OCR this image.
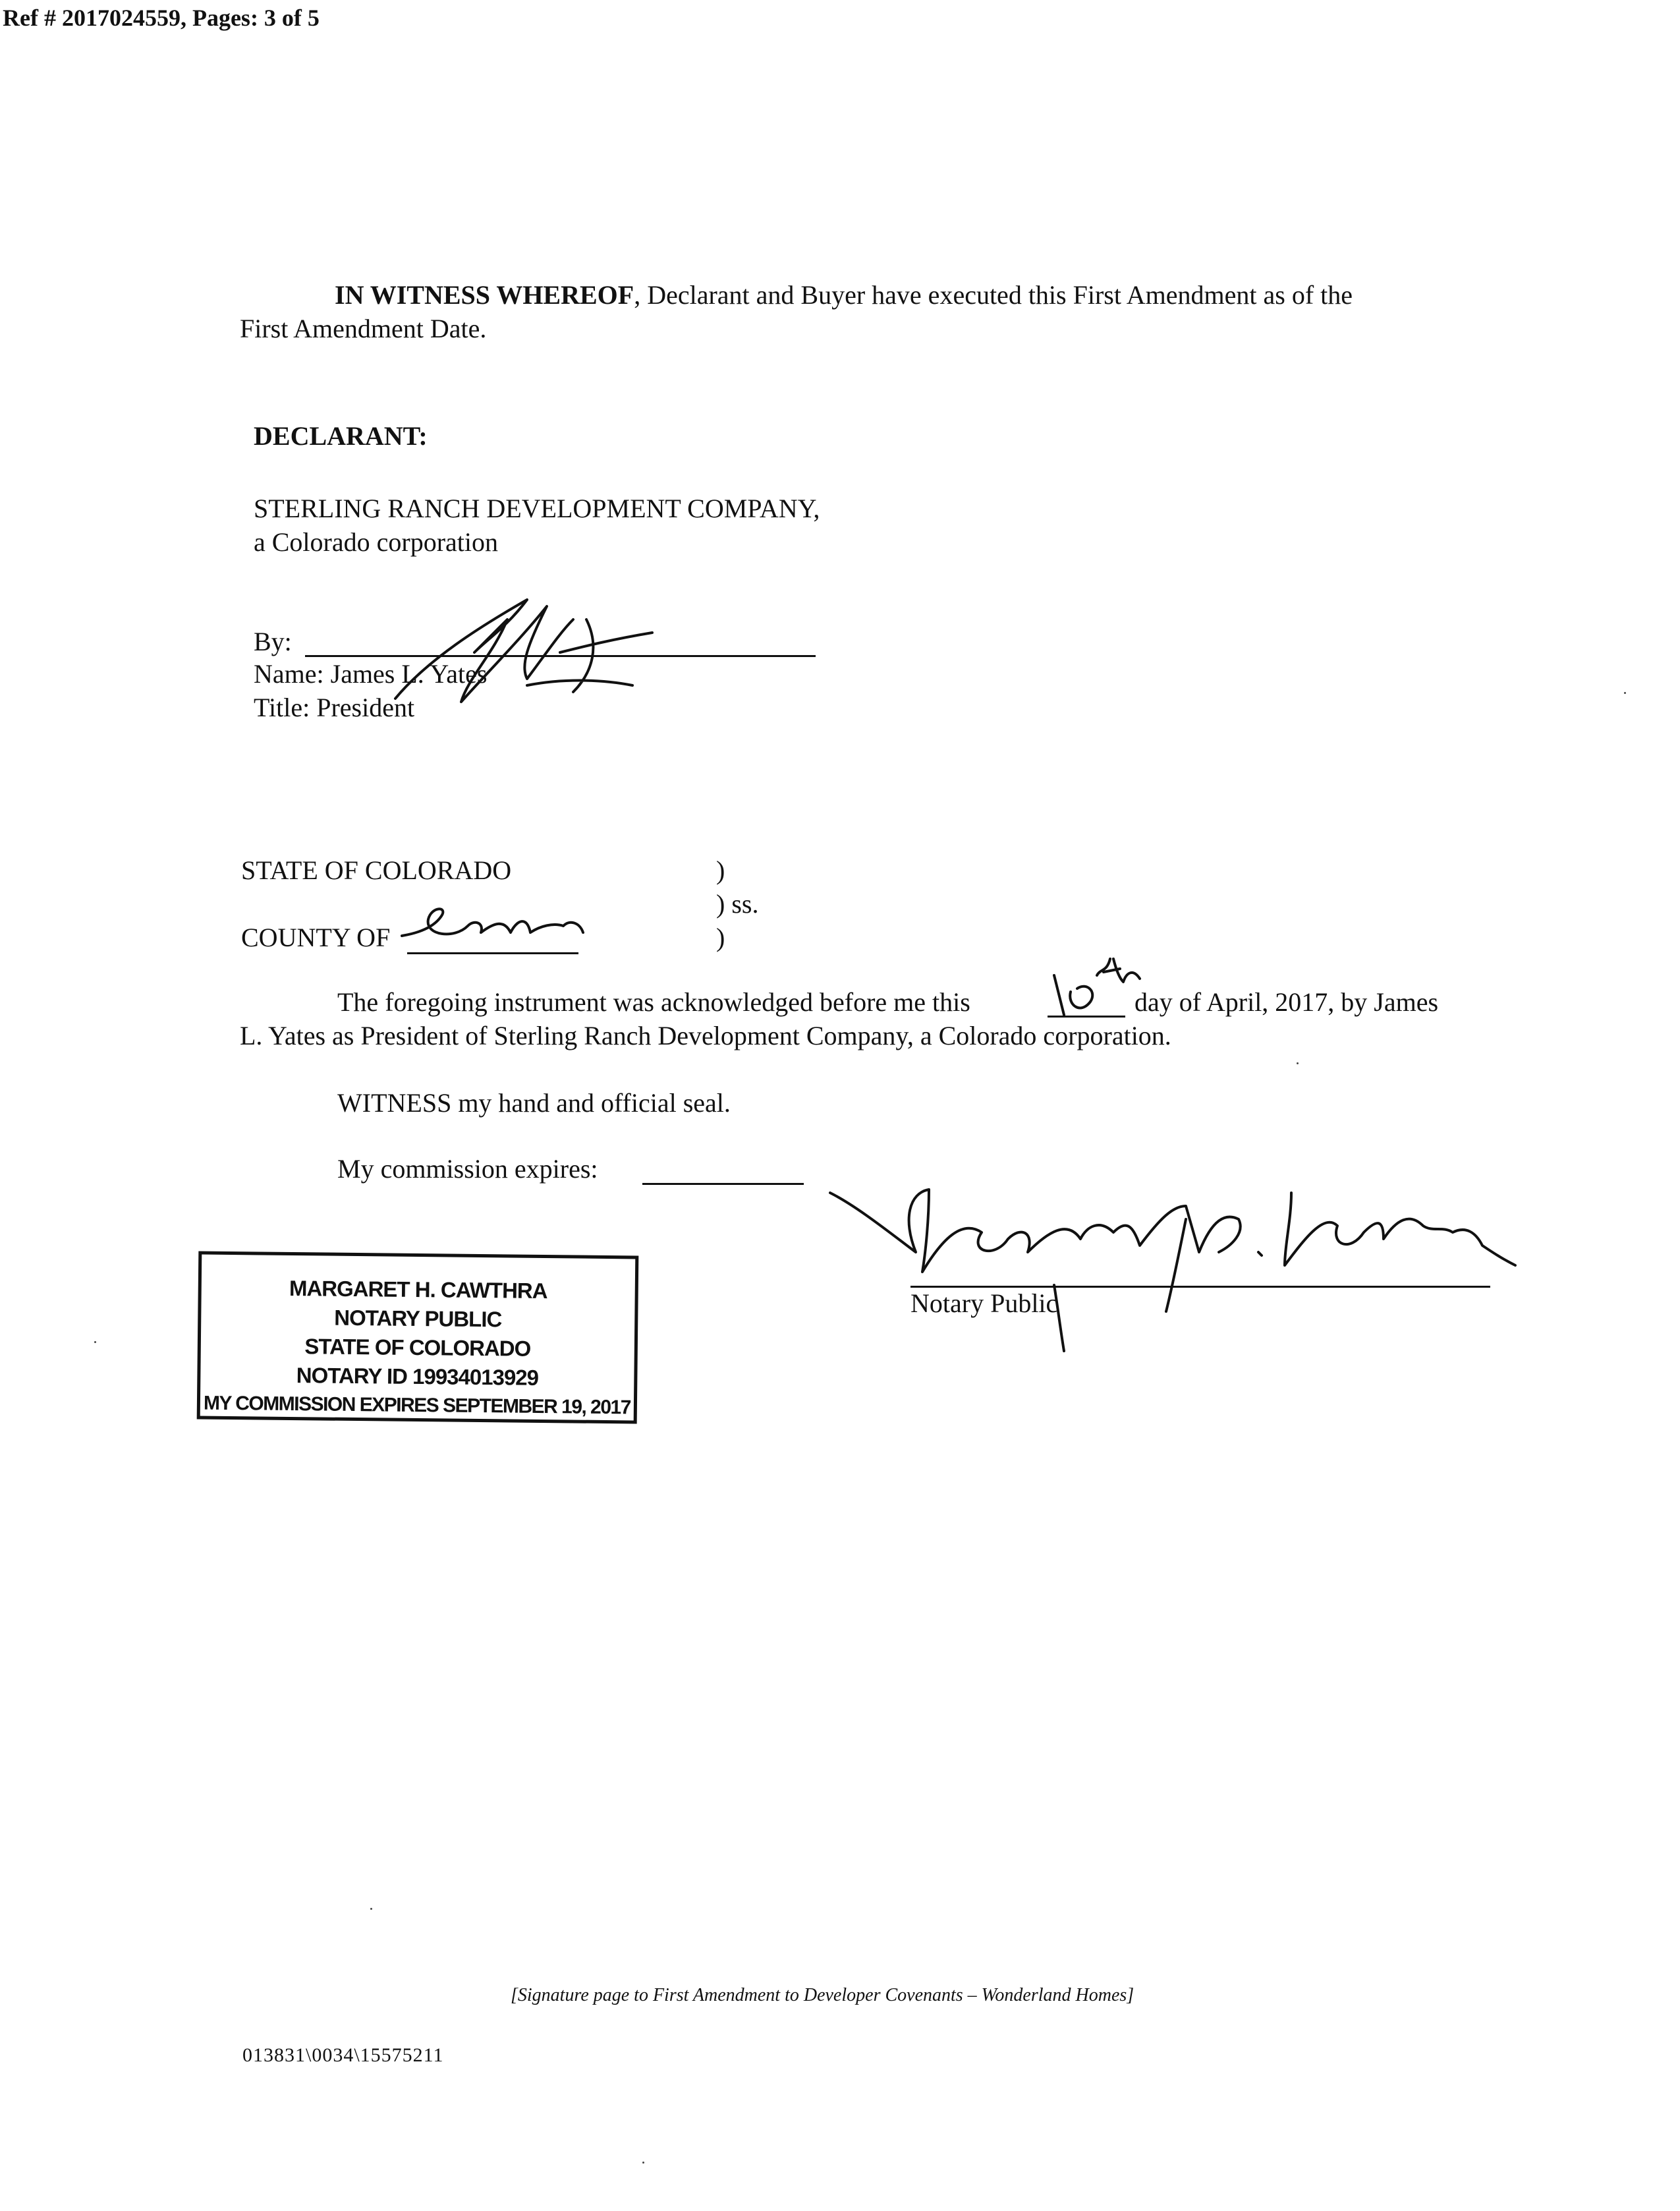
Ref # 2017024559, Pages: 3 of 5
IN WITNESS WHEREOF, Declarant and Buyer have executed this First Amendment as of the
First Amendment Date.
DECLARANT:
STERLING RANCH DEVELOPMENT COMPANY,
a Colorado corporation
By:
Name: James L. Yates
Title: President
STATE OF COLORADO	)
) ss.
COUNTY OF	)
Denver
The foregoing instrument was acknowledged before me this
18th
day of April, 2017, by James
L. Yates as President of Sterling Ranch Development Company, a Colorado corporation.
WITNESS my hand and official seal.
My commission expires:
Notary Public
MARGARET H. CAWTHRA
NOTARY PUBLIC
STATE OF COLORADO
NOTARY ID 19934013929
MY COMMISSION EXPIRES SEPTEMBER 19, 2017
[Signature page to First Amendment to Developer Covenants – Wonderland Homes]
013831\0034\15575211
